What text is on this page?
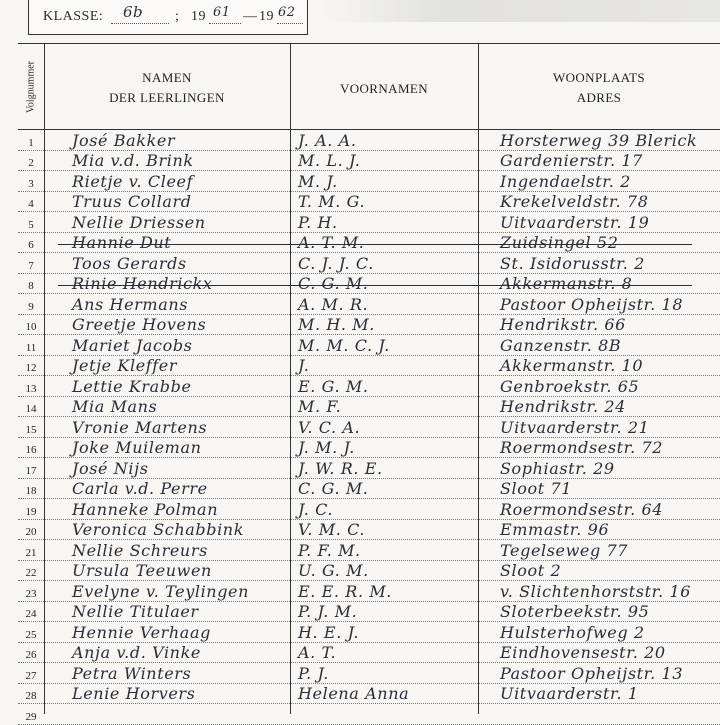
KLASSE: 6b ; 19 61 — 19 62
Volgnummer	NAMEN
DER LEERLINGEN
VOORNAMEN
WOONPLAATS
ADRES
1	José Bakker	J. A. A.	Horsterweg 39 Blerick
2	Mia v.d. Brink	M. L. J.	Gardenierstr. 17
3	Rietje v. Cleef	M. J.	Ingendaelstr. 2
4	Truus Collard	T. M. G.	Krekelveldstr. 78
5	Nellie Driessen	P. H.	Uitvaarderstr. 19
6	Hannie Dut	A. T. M.	Zuidsingel 52
7	Toos Gerards	C. J. J. C.	St. Isidorusstr. 2
8	Rinie Hendrickx	C. G. M.	Akkermanstr. 8
9	Ans Hermans	A. M. R.	Pastoor Opheijstr. 18
10	Greetje Hovens	M. H. M.	Hendrikstr. 66
11	Mariet Jacobs	M. M. C. J.	Ganzenstr. 8B
12	Jetje Kleffer	J.	Akkermanstr. 10
13	Lettie Krabbe	E. G. M.	Genbroekstr. 65
14	Mia Mans	M. F.	Hendrikstr. 24
15	Vronie Martens	V. C. A.	Uitvaarderstr. 21
16	Joke Muileman	J. M. J.	Roermondsestr. 72
17	José Nijs	J. W. R. E.	Sophiastr. 29
18	Carla v.d. Perre	C. G. M.	Sloot 71
19	Hanneke Polman	J. C.	Roermondsestr. 64
20	Veronica Schabbink	V. M. C.	Emmastr. 96
21	Nellie Schreurs	P. F. M.	Tegelseweg 77
22	Ursula Teeuwen	U. G. M.	Sloot 2
23	Evelyne v. Teylingen	E. E. R. M.	v. Slichtenhorststr. 16
24	Nellie Titulaer	P. J. M.	Sloterbeekstr. 95
25	Hennie Verhaag	H. E. J.	Hulsterhofweg 2
26	Anja v.d. Vinke	A. T.	Eindhovensestr. 20
27	Petra Winters	P. J.	Pastoor Opheijstr. 13
28	Lenie Horvers	Helena Anna	Uitvaarderstr. 1
29
